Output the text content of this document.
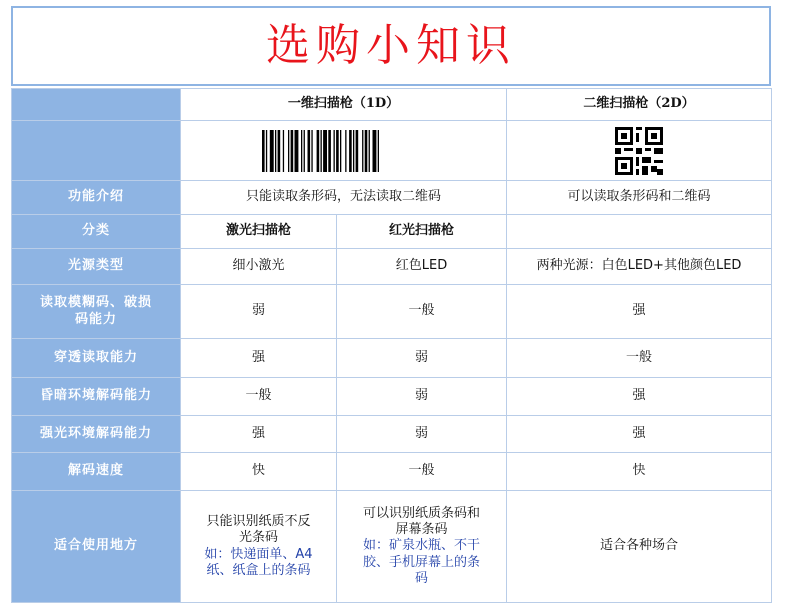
选购小知识
	一维扫描枪（1D）		二维扫描枪（2D）

功能介绍	只能读取条形码，无法读取二维码		可以读取条形码和二维码
分类	激光扫描枪	红光扫描枪	
光源类型	细小激光	红色LED	两种光源：白色LED+其他颜色LED

读取模糊码、破损
码能力	弱	一般	强
穿透读取能力	强	弱	一般
昏暗环境解码能力	一般	弱	强
强光环境解码能力	强	弱	强
解码速度	快	一般	快
适合使用地方	只能识别纸质不反
光条码
如：快递面单、A4
纸、纸盒上的条码	可以识别纸质条码和
屏幕条码
如：矿泉水瓶、不干
胶、手机屏幕上的条
码	适合各种场合
